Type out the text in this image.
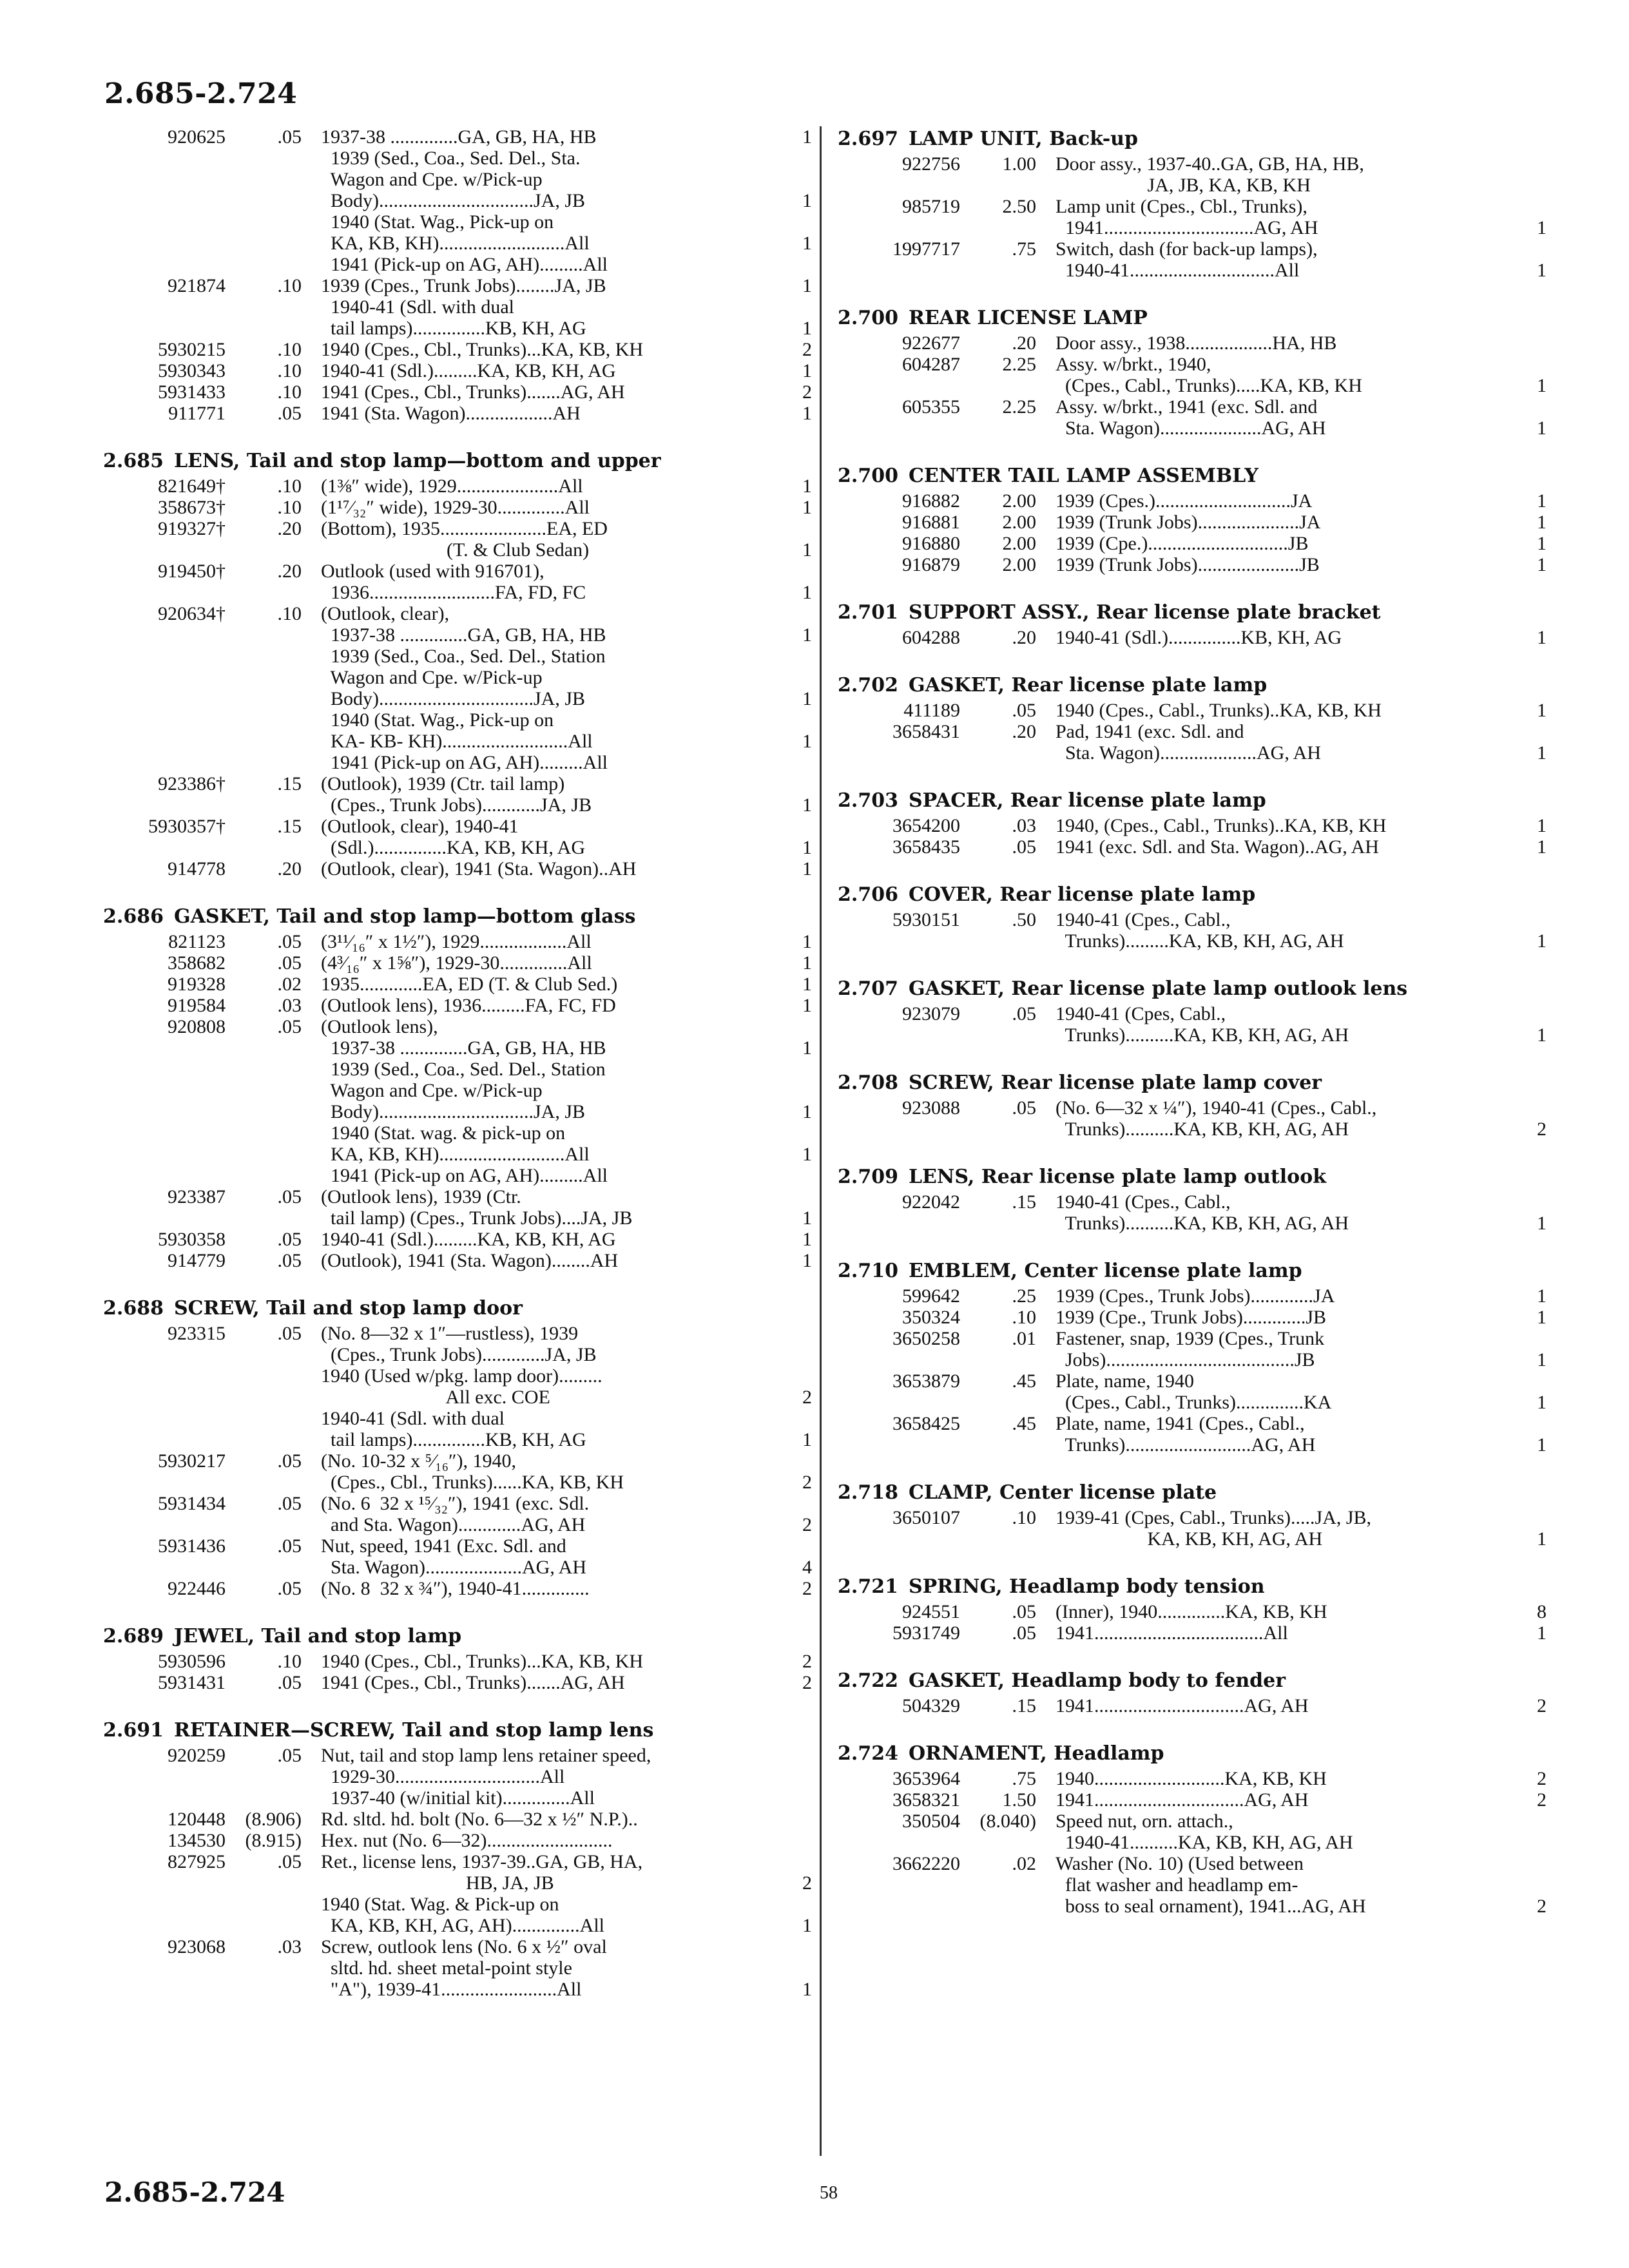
2.685-2.724
920625	.05 1937-38 ..............GA, GB, HA, HB	1
1939 (Sed., Coa., Sed. Del., Sta.
Wagon and Cpe. w/Pick-up
Body)................................JA, JB	1
1940 (Stat. Wag., Pick-up on
KA, KB, KH)..........................All	1
1941 (Pick-up on AG, AH).........All
921874	.10 1939 (Cpes., Trunk Jobs)........JA, JB	1
1940-41 (Sdl. with dual
tail lamps)...............KB, KH, AG	1
5930215	.10 1940 (Cpes., Cbl., Trunks)...KA, KB, KH	2
5930343	.10 1940-41 (Sdl.).........KA, KB, KH, AG	1
5931433	.10 1941 (Cpes., Cbl., Trunks).......AG, AH	2
911771	.05 1941 (Sta. Wagon)..................AH	1
2.685 LENS, Tail and stop lamp—bottom and upper
821649†	.10 (1⅜″ wide), 1929.....................All	1
358673†	.10 (1¹⁷⁄₃₂″ wide), 1929-30..............All	1
919327†	.20 (Bottom), 1935......................EA, ED
(T. & Club Sedan)	1
919450†	.20 Outlook (used with 916701),
1936..........................FA, FD, FC	1
920634†	.10 (Outlook, clear),
1937-38 ..............GA, GB, HA, HB	1
1939 (Sed., Coa., Sed. Del., Station
Wagon and Cpe. w/Pick-up
Body)................................JA, JB	1
1940 (Stat. Wag., Pick-up on
KA- KB- KH)..........................All	1
1941 (Pick-up on AG, AH).........All
923386†	.15 (Outlook), 1939 (Ctr. tail lamp)
(Cpes., Trunk Jobs)............JA, JB	1
5930357†	.15 (Outlook, clear), 1940-41
(Sdl.)...............KA, KB, KH, AG	1
914778	.20 (Outlook, clear), 1941 (Sta. Wagon)..AH	1
2.686 GASKET, Tail and stop lamp—bottom glass
821123	.05 (3¹¹⁄₁₆″ x 1½″), 1929..................All	1
358682	.05 (4³⁄₁₆″ x 1⅝″), 1929-30..............All	1
919328	.02 1935.............EA, ED (T. & Club Sed.)	1
919584	.03 (Outlook lens), 1936.........FA, FC, FD	1
920808	.05 (Outlook lens),
1937-38 ..............GA, GB, HA, HB	1
1939 (Sed., Coa., Sed. Del., Station
Wagon and Cpe. w/Pick-up
Body)................................JA, JB	1
1940 (Stat. wag. & pick-up on
KA, KB, KH)..........................All	1
1941 (Pick-up on AG, AH).........All
923387	.05 (Outlook lens), 1939 (Ctr.
tail lamp) (Cpes., Trunk Jobs)....JA, JB	1
5930358	.05 1940-41 (Sdl.).........KA, KB, KH, AG	1
914779	.05 (Outlook), 1941 (Sta. Wagon)........AH	1
2.688 SCREW, Tail and stop lamp door
923315	.05 (No. 8—32 x 1″—rustless), 1939
(Cpes., Trunk Jobs).............JA, JB
1940 (Used w/pkg. lamp door).........
All exc. COE	2
1940-41 (Sdl. with dual
tail lamps)...............KB, KH, AG	1
5930217	.05 (No. 10-32 x ⁵⁄₁₆″), 1940,
(Cpes., Cbl., Trunks)......KA, KB, KH	2
5931434	.05 (No. 6  32 x ¹⁵⁄₃₂″), 1941 (exc. Sdl.
and Sta. Wagon).............AG, AH	2
5931436	.05 Nut, speed, 1941 (Exc. Sdl. and
Sta. Wagon)....................AG, AH	4
922446	.05 (No. 8  32 x ¾″), 1940-41..............	2
2.689 JEWEL, Tail and stop lamp
5930596	.10 1940 (Cpes., Cbl., Trunks)...KA, KB, KH	2
5931431	.05 1941 (Cpes., Cbl., Trunks).......AG, AH	2
2.691 RETAINER—SCREW, Tail and stop lamp lens
920259	.05 Nut, tail and stop lamp lens retainer speed,
1929-30..............................All
1937-40 (w/initial kit)..............All
120448	(8.906) Rd. sltd. hd. bolt (No. 6—32 x ½″ N.P.)..
134530	(8.915) Hex. nut (No. 6—32)..........................
827925	.05 Ret., license lens, 1937-39..GA, GB, HA,
HB, JA, JB	2
1940 (Stat. Wag. & Pick-up on
KA, KB, KH, AG, AH)..............All	1
923068	.03 Screw, outlook lens (No. 6 x ½″ oval
sltd. hd. sheet metal-point style
"A"), 1939-41........................All	1
2.697 LAMP UNIT, Back-up
922756	1.00 Door assy., 1937-40..GA, GB, HA, HB,
JA, JB, KA, KB, KH
985719	2.50 Lamp unit (Cpes., Cbl., Trunks),
1941...............................AG, AH	1
1997717	.75 Switch, dash (for back-up lamps),
1940-41..............................All	1
2.700 REAR LICENSE LAMP
922677	.20 Door assy., 1938..................HA, HB
604287	2.25 Assy. w/brkt., 1940,
(Cpes., Cabl., Trunks).....KA, KB, KH	1
605355	2.25 Assy. w/brkt., 1941 (exc. Sdl. and
Sta. Wagon).....................AG, AH	1
2.700 CENTER TAIL LAMP ASSEMBLY
916882	2.00 1939 (Cpes.)............................JA	1
916881	2.00 1939 (Trunk Jobs).....................JA	1
916880	2.00 1939 (Cpe.).............................JB	1
916879	2.00 1939 (Trunk Jobs).....................JB	1
2.701 SUPPORT ASSY., Rear license plate bracket
604288	.20 1940-41 (Sdl.)...............KB, KH, AG	1
2.702 GASKET, Rear license plate lamp
411189	.05 1940 (Cpes., Cabl., Trunks)..KA, KB, KH	1
3658431	.20 Pad, 1941 (exc. Sdl. and
Sta. Wagon)....................AG, AH	1
2.703 SPACER, Rear license plate lamp
3654200	.03 1940, (Cpes., Cabl., Trunks)..KA, KB, KH	1
3658435	.05 1941 (exc. Sdl. and Sta. Wagon)..AG, AH	1
2.706 COVER, Rear license plate lamp
5930151	.50 1940-41 (Cpes., Cabl.,
Trunks).........KA, KB, KH, AG, AH	1
2.707 GASKET, Rear license plate lamp outlook lens
923079	.05 1940-41 (Cpes, Cabl.,
Trunks)..........KA, KB, KH, AG, AH	1
2.708 SCREW, Rear license plate lamp cover
923088	.05 (No. 6—32 x ¼″), 1940-41 (Cpes., Cabl.,
Trunks)..........KA, KB, KH, AG, AH	2
2.709 LENS, Rear license plate lamp outlook
922042	.15 1940-41 (Cpes., Cabl.,
Trunks)..........KA, KB, KH, AG, AH	1
2.710 EMBLEM, Center license plate lamp
599642	.25 1939 (Cpes., Trunk Jobs).............JA	1
350324	.10 1939 (Cpe., Trunk Jobs).............JB	1
3650258	.01 Fastener, snap, 1939 (Cpes., Trunk
Jobs).......................................JB	1
3653879	.45 Plate, name, 1940
(Cpes., Cabl., Trunks)..............KA	1
3658425	.45 Plate, name, 1941 (Cpes., Cabl.,
Trunks)..........................AG, AH	1
2.718 CLAMP, Center license plate
3650107	.10 1939-41 (Cpes, Cabl., Trunks).....JA, JB,
KA, KB, KH, AG, AH	1
2.721 SPRING, Headlamp body tension
924551	.05 (Inner), 1940..............KA, KB, KH	8
5931749	.05 1941...................................All	1
2.722 GASKET, Headlamp body to fender
504329	.15 1941...............................AG, AH	2
2.724 ORNAMENT, Headlamp
3653964	.75 1940...........................KA, KB, KH	2
3658321	1.50 1941...............................AG, AH	2
350504	(8.040) Speed nut, orn. attach.,
1940-41..........KA, KB, KH, AG, AH
3662220	.02 Washer (No. 10) (Used between
flat washer and headlamp em-
boss to seal ornament), 1941...AG, AH	2
2.685-2.724	58
